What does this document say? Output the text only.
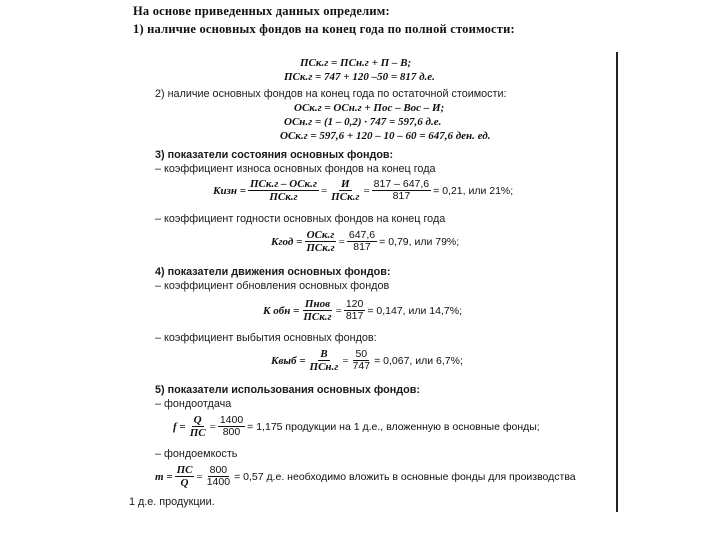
На основе приведенных данных определим:
1) наличие основных фондов на конец года по полной стоимости:
ПСк.г = ПСн.г + П – В;
ПСк.г = 747 + 120 –50 = 817 д.е.
2) наличие основных фондов на конец года по остаточной стоимости:
ОСк.г = ОСн.г + Пос – Вос – И;
ОСн.г = (1 – 0,2) · 747 = 597,6 д.е.
ОСк.г = 597,6 + 120 – 10 – 60 = 647,6 ден. ед.
3) показатели состояния основных фондов:
– коэффициент износа основных фондов на конец года
Кизн = $\frac{\text{ПСк.г – ОСк.г}}{\text{ПСк.г}} = \frac{И}{\text{ПСк.г}} = \frac{817 - 647,6}{817} = 0,21$, или 21%;
– коэффициент годности основных фондов на конец года
Кгод = $\frac{\text{ОСк.г}}{\text{ПСк.г}} = \frac{647,6}{817} = 0,79$, или 79%;
4) показатели движения основных фондов:
– коэффициент обновления основных фондов
К обн = $\frac{\text{Пнов}}{\text{ПСк.г}} = \frac{120}{817} = 0,147$, или 14,7%;
– коэффициент выбытия основных фондов:
Квыб = $\frac{В}{\text{ПСн.г}} = \frac{50}{747} = 0,067$, или 6,7%;
5) показатели использования основных фондов:
– фондоотдача
$f = \frac{Q}{ПС} = \frac{1400}{800} = 1,175$ продукции на 1 д.е., вложенную в основные фонды;
– фондоемкость
$m = \frac{ПС}{Q} = \frac{800}{1400} = 0,57$ д.е. необходимо вложить в основные фонды для производства
1 д.е. продукции.
